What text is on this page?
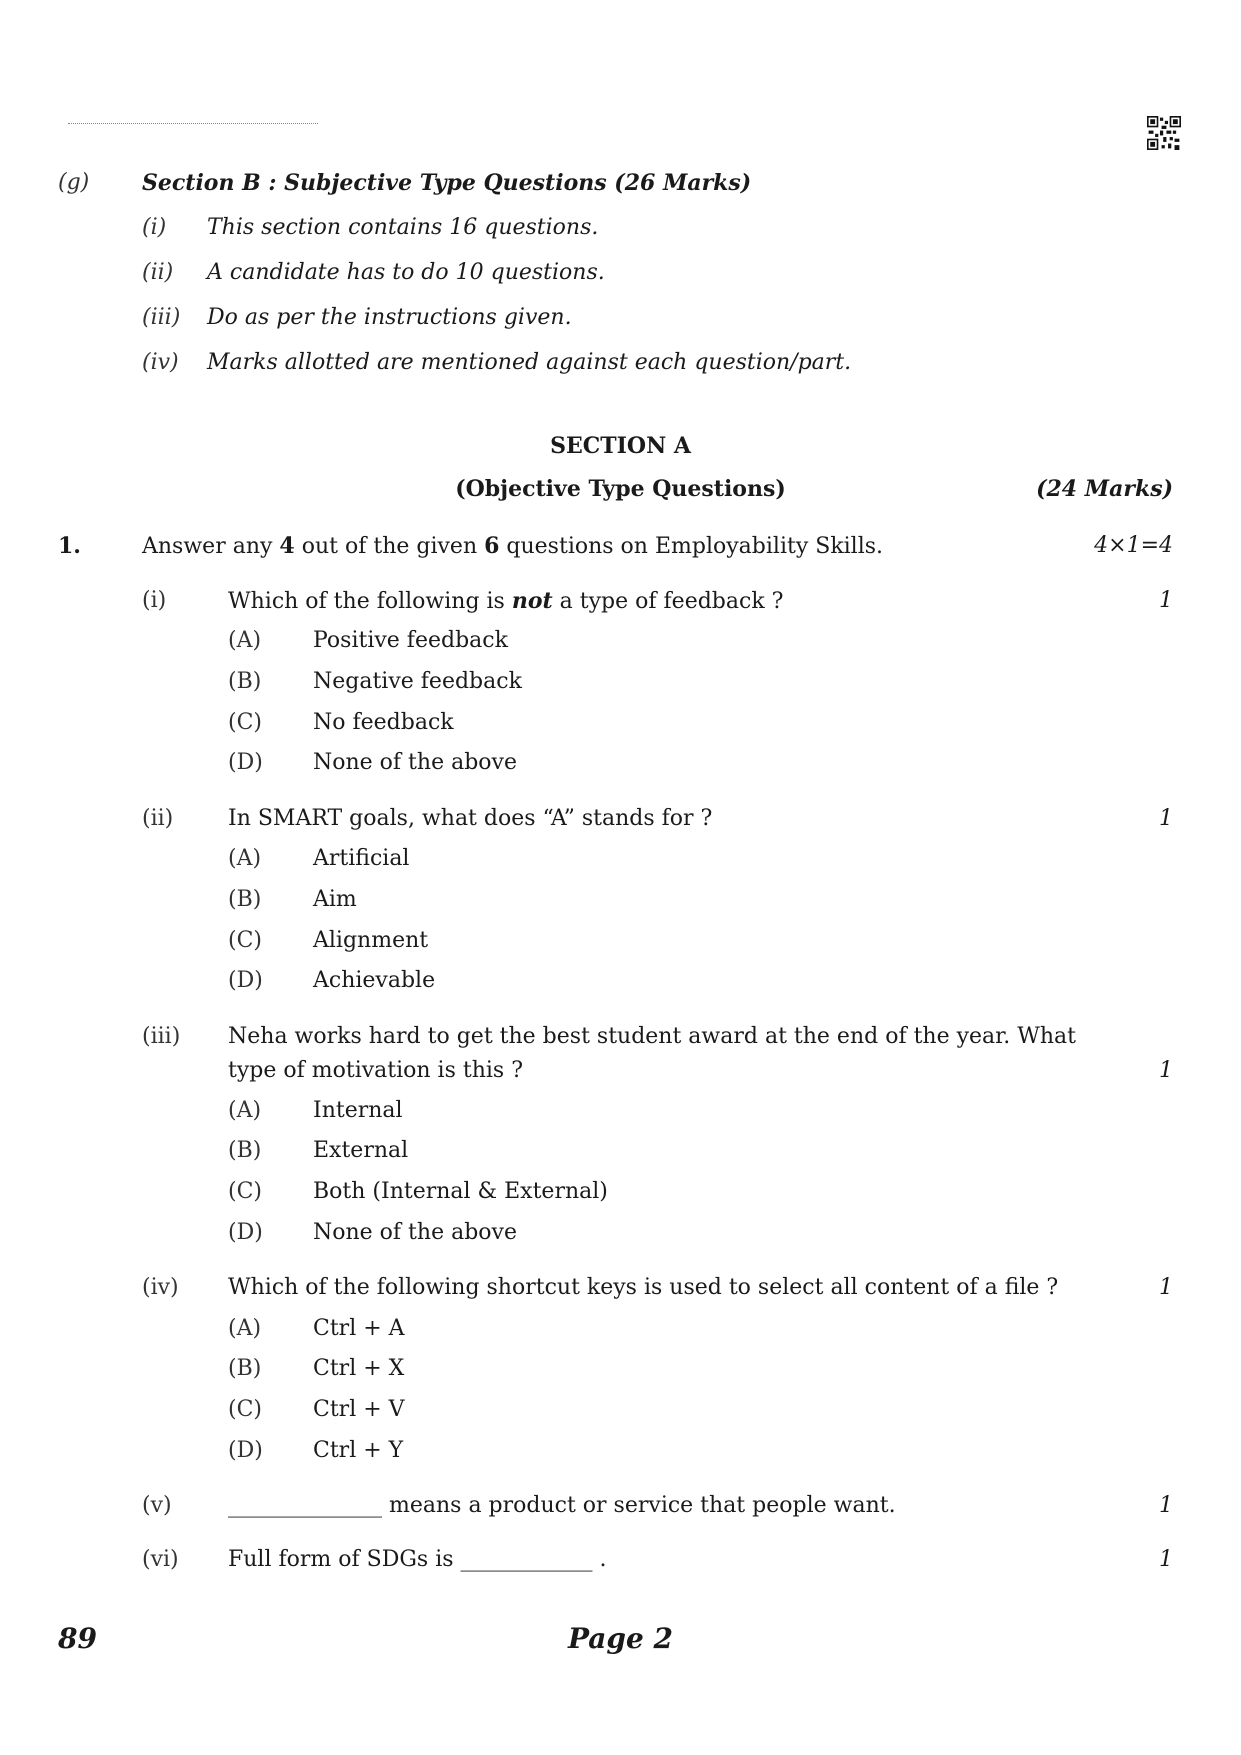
(g) Section B : Subjective Type Questions (26 Marks)
(i) This section contains 16 questions.
(ii) A candidate has to do 10 questions.
(iii) Do as per the instructions given.
(iv) Marks allotted are mentioned against each question/part.
SECTION A
(Objective Type Questions)	(24 Marks)
1.	Answer any 4 out of the given 6 questions on Employability Skills.	4×1=4
(i)	Which of the following is not a type of feedback ?	1
(A) Positive feedback
(B) Negative feedback
(C) No feedback
(D) None of the above
(ii) In SMART goals, what does “A” stands for ?	1
(A) Artificial
(B) Aim
(C) Alignment
(D) Achievable
(iii) Neha works hard to get the best student award at the end of the year. What
type of motivation is this ?	1
(A) Internal
(B) External
(C) Both (Internal & External)
(D) None of the above
(iv) Which of the following shortcut keys is used to select all content of a file ?	1
(A) Ctrl + A
(B) Ctrl + X
(C) Ctrl + V
(D) Ctrl + Y
(v)	______________ means a product or service that people want.	1
(vi) Full form of SDGs is ____________ .	1
89	Page 2
